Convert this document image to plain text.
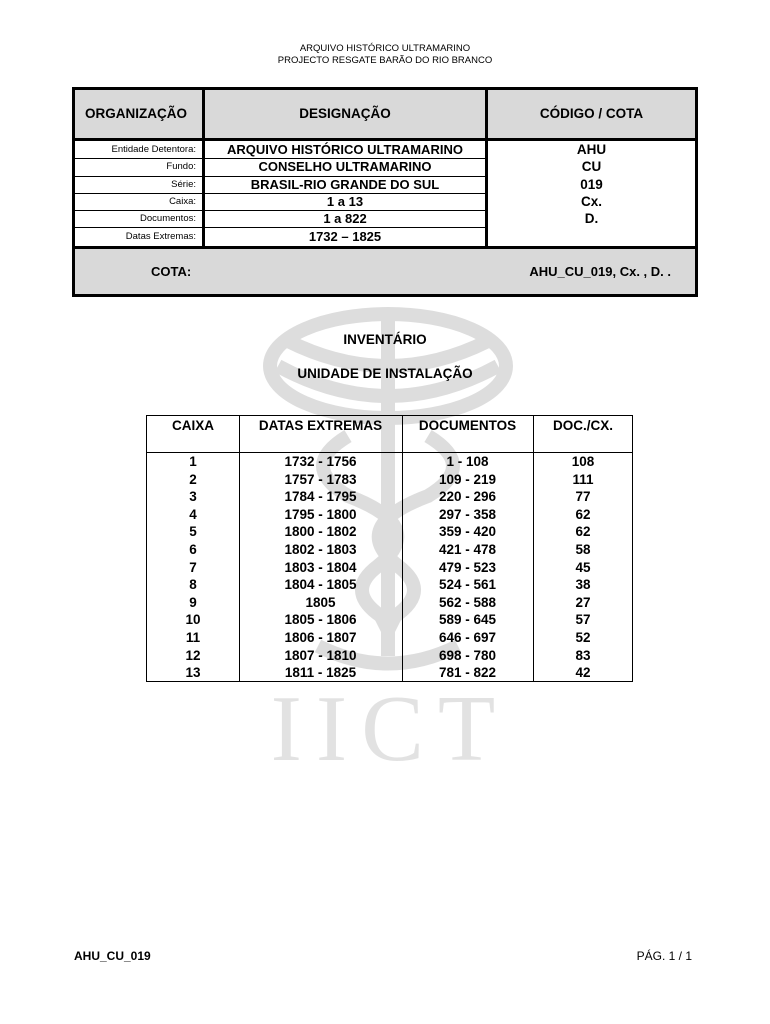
ARQUIVO HISTÓRICO ULTRAMARINO
PROJECTO RESGATE BARÃO DO RIO BRANCO
IICT
ORGANIZAÇÃO	DESIGNAÇÃO	CÓDIGO / COTA
Entidade Detentora:	ARQUIVO HISTÓRICO ULTRAMARINO	AHU
Fundo:	CONSELHO ULTRAMARINO	CU
Série:	BRASIL-RIO GRANDE DO SUL	019
Caixa:	1 a 13	Cx.
Documentos:	1 a 822	D.
Datas Extremas:	1732 – 1825
COTA:	AHU_CU_019, Cx. , D. .
INVENTÁRIO
UNIDADE DE INSTALAÇÃO
CAIXA	DATAS EXTREMAS	DOCUMENTOS	DOC./CX.
1	1732 - 1756	1 - 108	108
2	1757 - 1783	109 - 219	111
3	1784 - 1795	220 - 296	77
4	1795 - 1800	297 - 358	62
5	1800 - 1802	359 - 420	62
6	1802 - 1803	421 - 478	58
7	1803 - 1804	479 - 523	45
8	1804 - 1805	524 - 561	38
9	1805	562 - 588	27
10	1805 - 1806	589 - 645	57
11	1806 - 1807	646 - 697	52
12	1807 - 1810	698 - 780	83
13	1811 - 1825	781 - 822	42
AHU_CU_019	PÁG. 1 / 1
